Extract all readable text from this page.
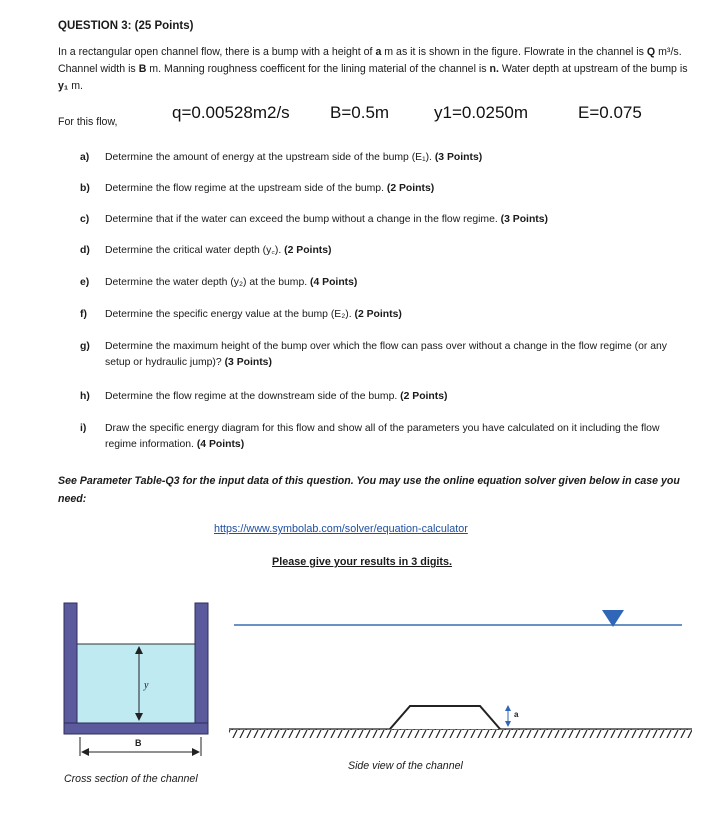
QUESTION 3: (25 Points)
In a rectangular open channel flow, there is a bump with a height of a m as it is shown in the figure. Flowrate in the channel is Q m³/s. Channel width is B m. Manning roughness coefficent for the lining material of the channel is n. Water depth at upstream of the bump is y₁ m.
For this flow,	q=0.00528m2/s B=0.5m	y1=0.0250m	E=0.075
a) Determine the amount of energy at the upstream side of the bump (E₁). (3 Points)
b) Determine the flow regime at the upstream side of the bump. (2 Points)
c) Determine that if the water can exceed the bump without a change in the flow regime. (3 Points)
d) Determine the critical water depth (y꜀). (2 Points)
e) Determine the water depth (y₂) at the bump. (4 Points)
f) Determine the specific energy value at the bump (E₂). (2 Points)
g) Determine the maximum height of the bump over which the flow can pass over without a change in the flow regime (or any setup or hydraulic jump)? (3 Points)
h) Determine the flow regime at the downstream side of the bump. (2 Points)
i) Draw the specific energy diagram for this flow and show all of the parameters you have calculated on it including the flow regime information. (4 Points)
See Parameter Table-Q3 for the input data of this question. You may use the online equation solver given below in case you need:
https://www.symbolab.com/solver/equation-calculator
Please give your results in 3 digits.
y
B
a
Cross section of the channel
Side view of the channel
